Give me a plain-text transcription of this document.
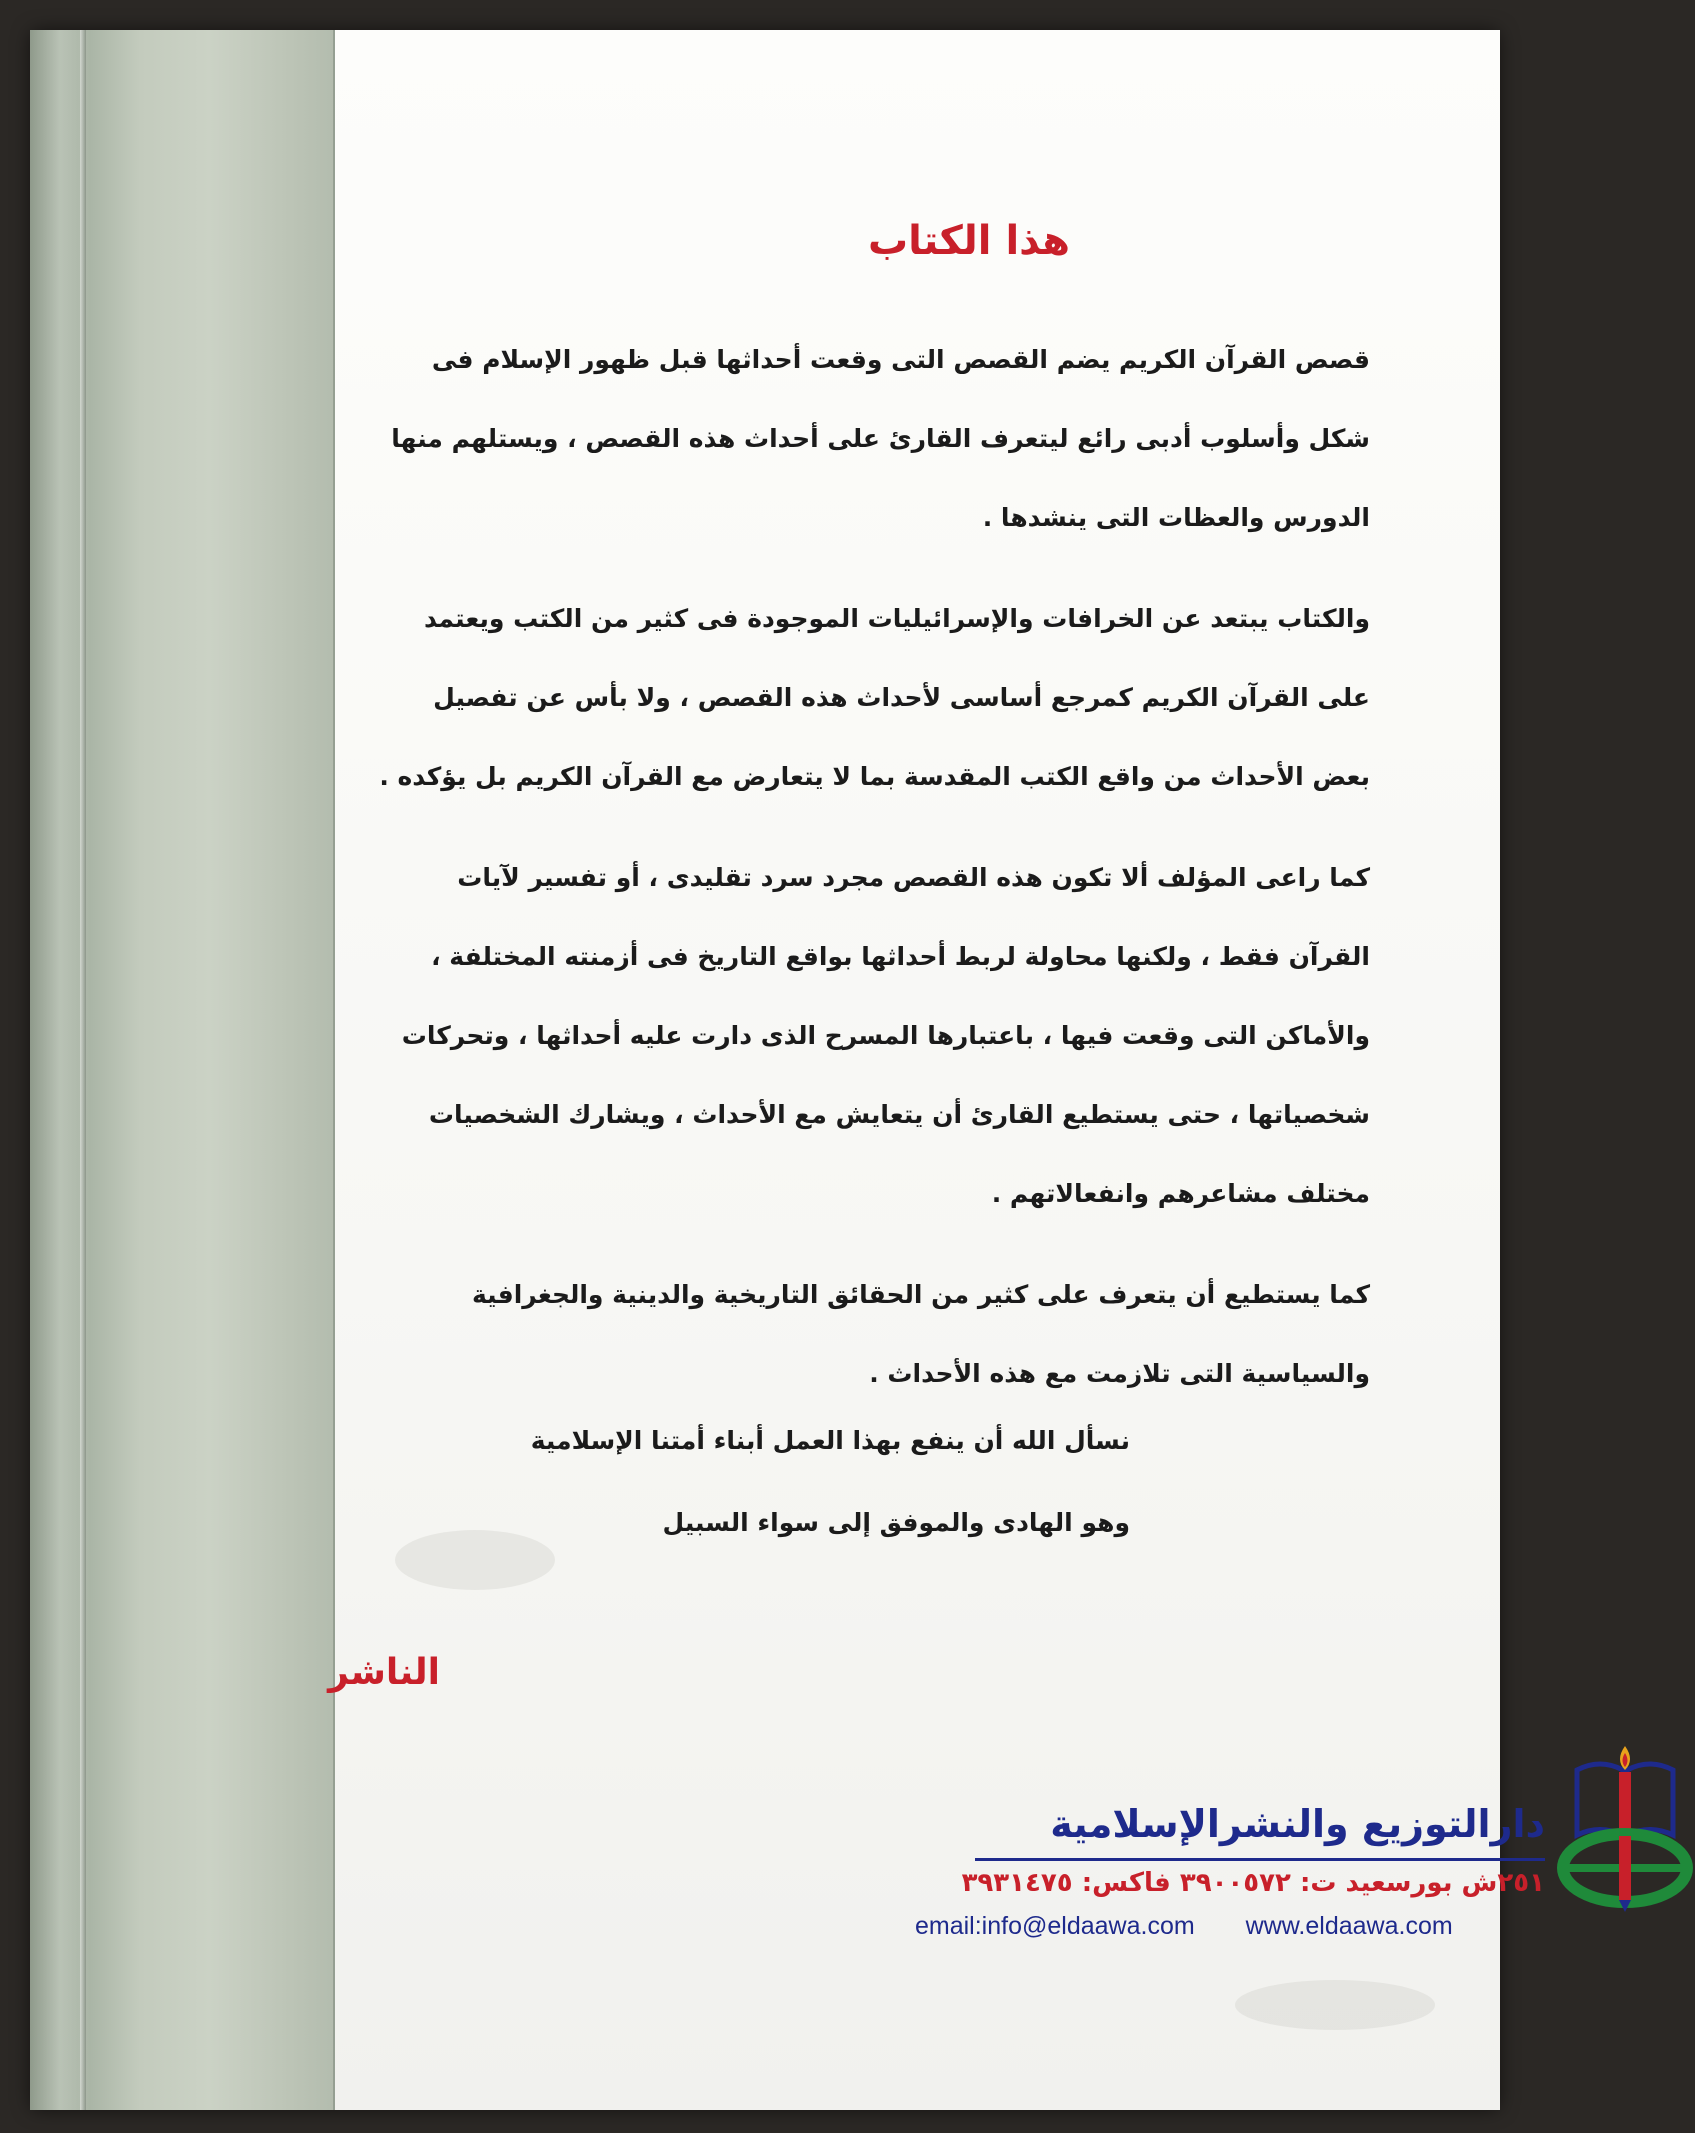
هذا الكتاب

قصص القرآن الكريم يضم القصص التى وقعت أحداثها قبل ظهور الإسلام فى
شكل وأسلوب أدبى رائع ليتعرف القارئ على أحداث هذه القصص ، ويستلهم منها
الدورس والعظات التى ينشدها .

والكتاب يبتعد عن الخرافات والإسرائيليات الموجودة فى كثير من الكتب ويعتمد
على القرآن الكريم كمرجع أساسى لأحداث هذه القصص ، ولا بأس عن تفصيل
بعض الأحداث من واقع الكتب المقدسة بما لا يتعارض مع القرآن الكريم بل يؤكده .

كما راعى المؤلف ألا تكون هذه القصص مجرد سرد تقليدى ، أو تفسير لآيات
القرآن فقط ، ولكنها محاولة لربط أحداثها بواقع التاريخ فى أزمنته المختلفة ،
والأماكن التى وقعت فيها ، باعتبارها المسرح الذى دارت عليه أحداثها ، وتحركات
شخصياتها ، حتى يستطيع القارئ أن يتعايش مع الأحداث ، ويشارك الشخصيات
مختلف مشاعرهم وانفعالاتهم .

كما يستطيع أن يتعرف على كثير من الحقائق التاريخية والدينية والجغرافية
والسياسية التى تلازمت مع هذه الأحداث .

نسأل الله أن ينفع بهذا العمل أبناء أمتنا الإسلامية
وهو الهادى والموفق إلى سواء السبيل
الناشر
دارالتوزيع والنشرالإسلامية
٢٥١ش بورسعيد ت: ٣٩٠٠٥٧٢ فاكس: ٣٩٣١٤٧٥
email:info@eldaawa.com www.eldaawa.com
